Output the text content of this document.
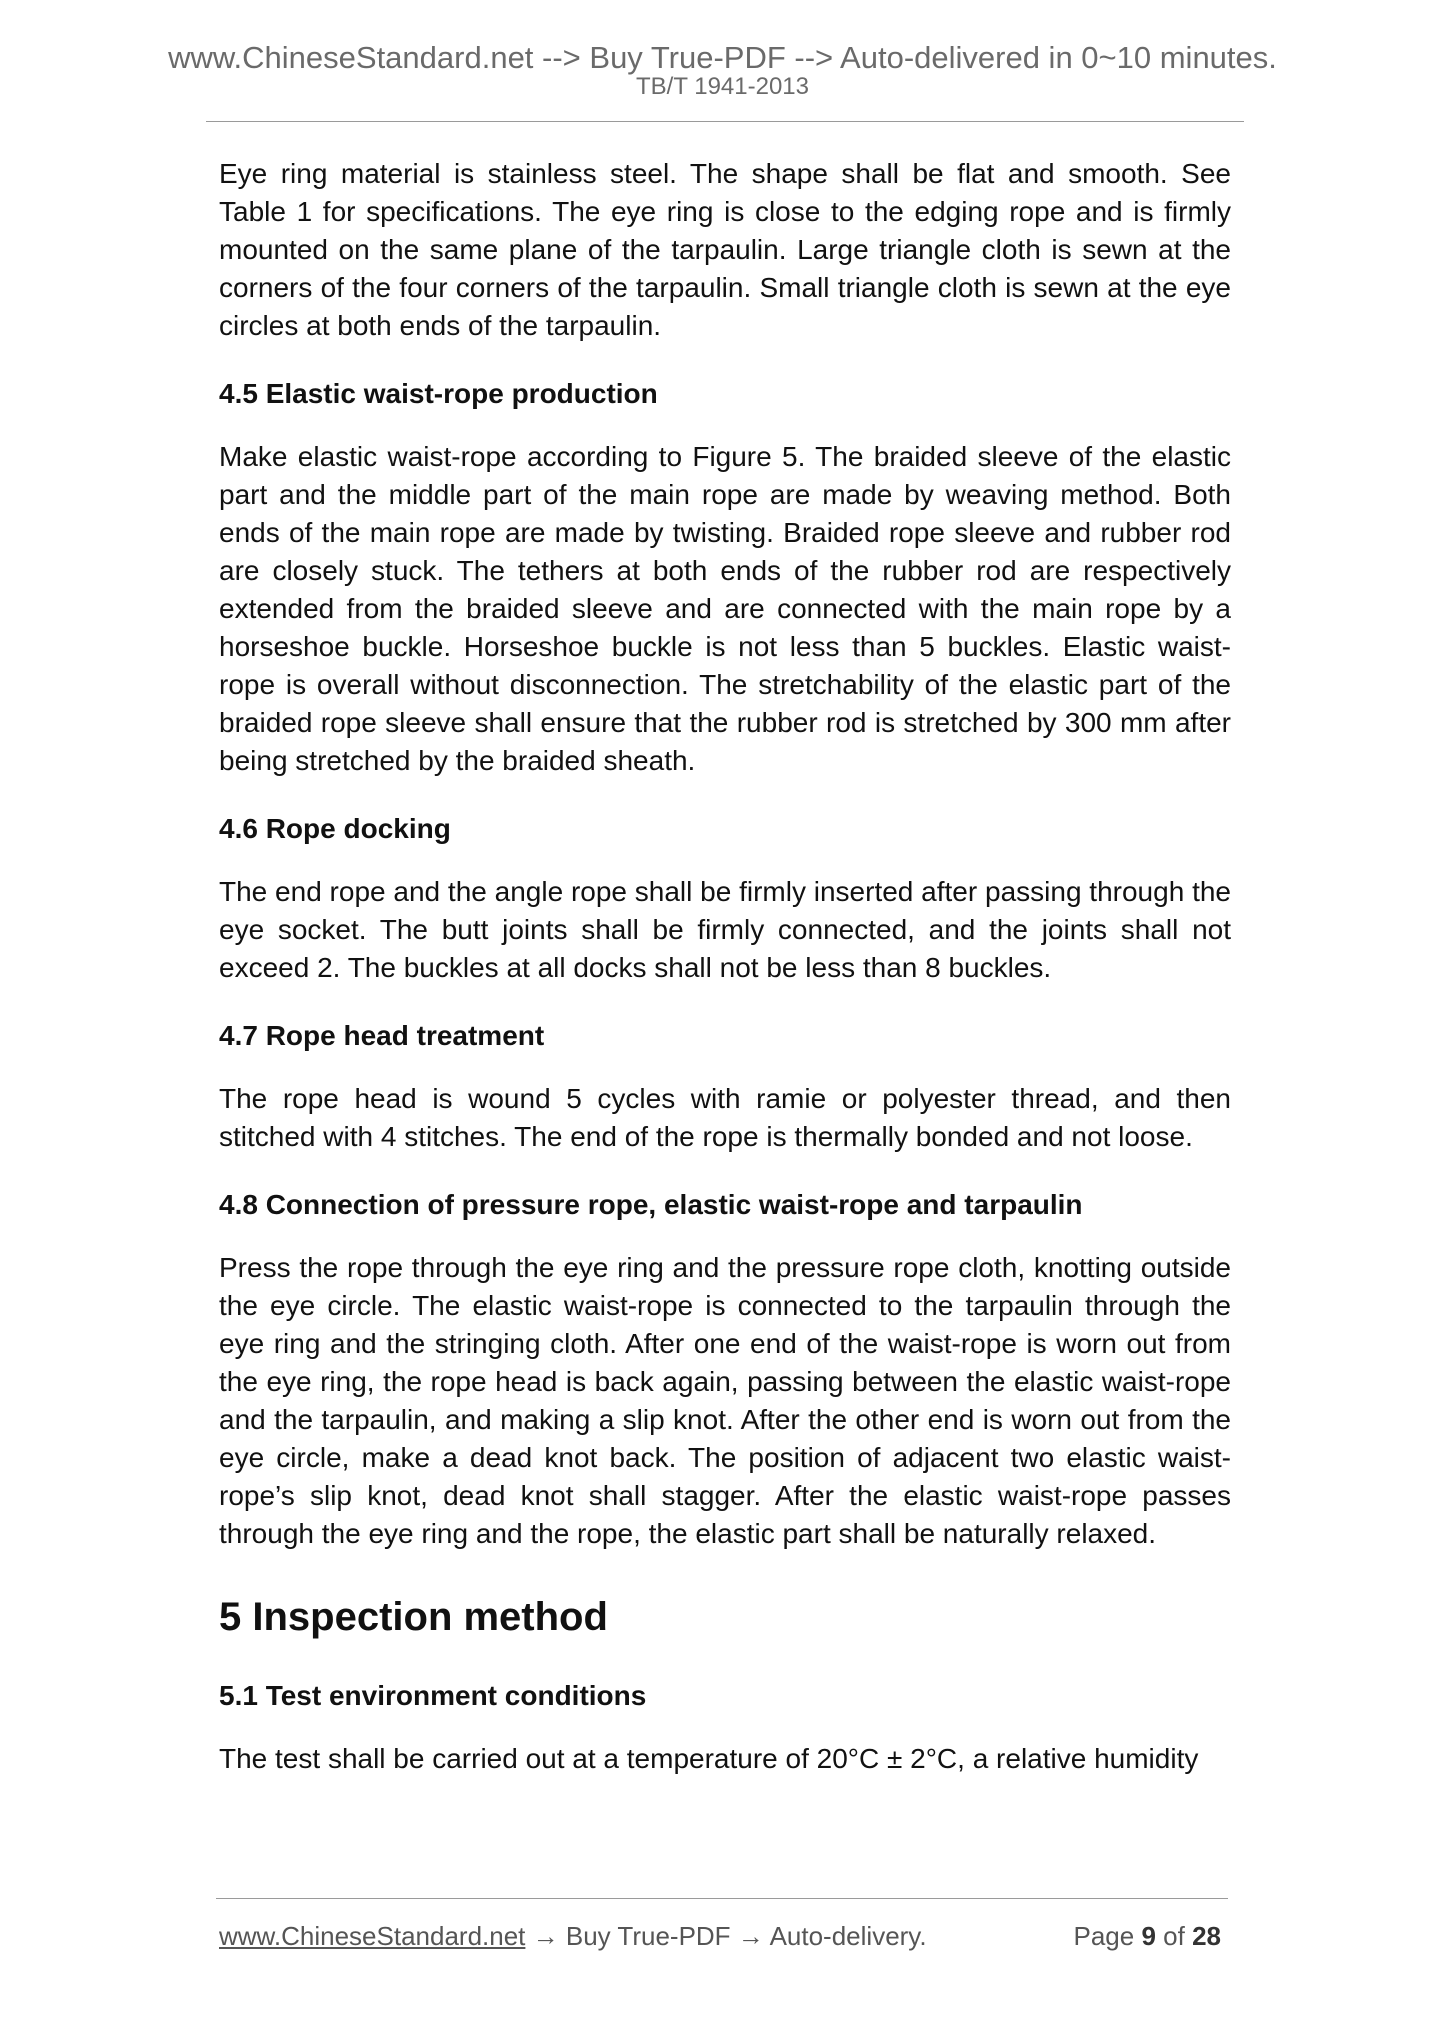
www.ChineseStandard.net --> Buy True-PDF --> Auto-delivered in 0~10 minutes.
TB/T 1941-2013

Eye ring material is stainless steel. The shape shall be flat and smooth. See Table 1 for specifications. The eye ring is close to the edging rope and is firmly mounted on the same plane of the tarpaulin. Large triangle cloth is sewn at the corners of the four corners of the tarpaulin. Small triangle cloth is sewn at the eye circles at both ends of the tarpaulin.

4.5 Elastic waist-rope production

Make elastic waist-rope according to Figure 5. The braided sleeve of the elastic part and the middle part of the main rope are made by weaving method. Both ends of the main rope are made by twisting. Braided rope sleeve and rubber rod are closely stuck. The tethers at both ends of the rubber rod are respectively extended from the braided sleeve and are connected with the main rope by a horseshoe buckle. Horseshoe buckle is not less than 5 buckles. Elastic waist-rope is overall without disconnection. The stretchability of the elastic part of the braided rope sleeve shall ensure that the rubber rod is stretched by 300 mm after being stretched by the braided sheath.

4.6 Rope docking

The end rope and the angle rope shall be firmly inserted after passing through the eye socket. The butt joints shall be firmly connected, and the joints shall not exceed 2. The buckles at all docks shall not be less than 8 buckles.

4.7 Rope head treatment

The rope head is wound 5 cycles with ramie or polyester thread, and then stitched with 4 stitches. The end of the rope is thermally bonded and not loose.

4.8 Connection of pressure rope, elastic waist-rope and tarpaulin

Press the rope through the eye ring and the pressure rope cloth, knotting outside the eye circle. The elastic waist-rope is connected to the tarpaulin through the eye ring and the stringing cloth. After one end of the waist-rope is worn out from the eye ring, the rope head is back again, passing between the elastic waist-rope and the tarpaulin, and making a slip knot. After the other end is worn out from the eye circle, make a dead knot back. The position of adjacent two elastic waist-rope’s slip knot, dead knot shall stagger. After the elastic waist-rope passes through the eye ring and the rope, the elastic part shall be naturally relaxed.

5 Inspection method
5.1 Test environment conditions

The test shall be carried out at a temperature of 20°C ± 2°C, a relative humidity

www.ChineseStandard.net → Buy True-PDF → Auto-delivery.	Page 9 of 28
